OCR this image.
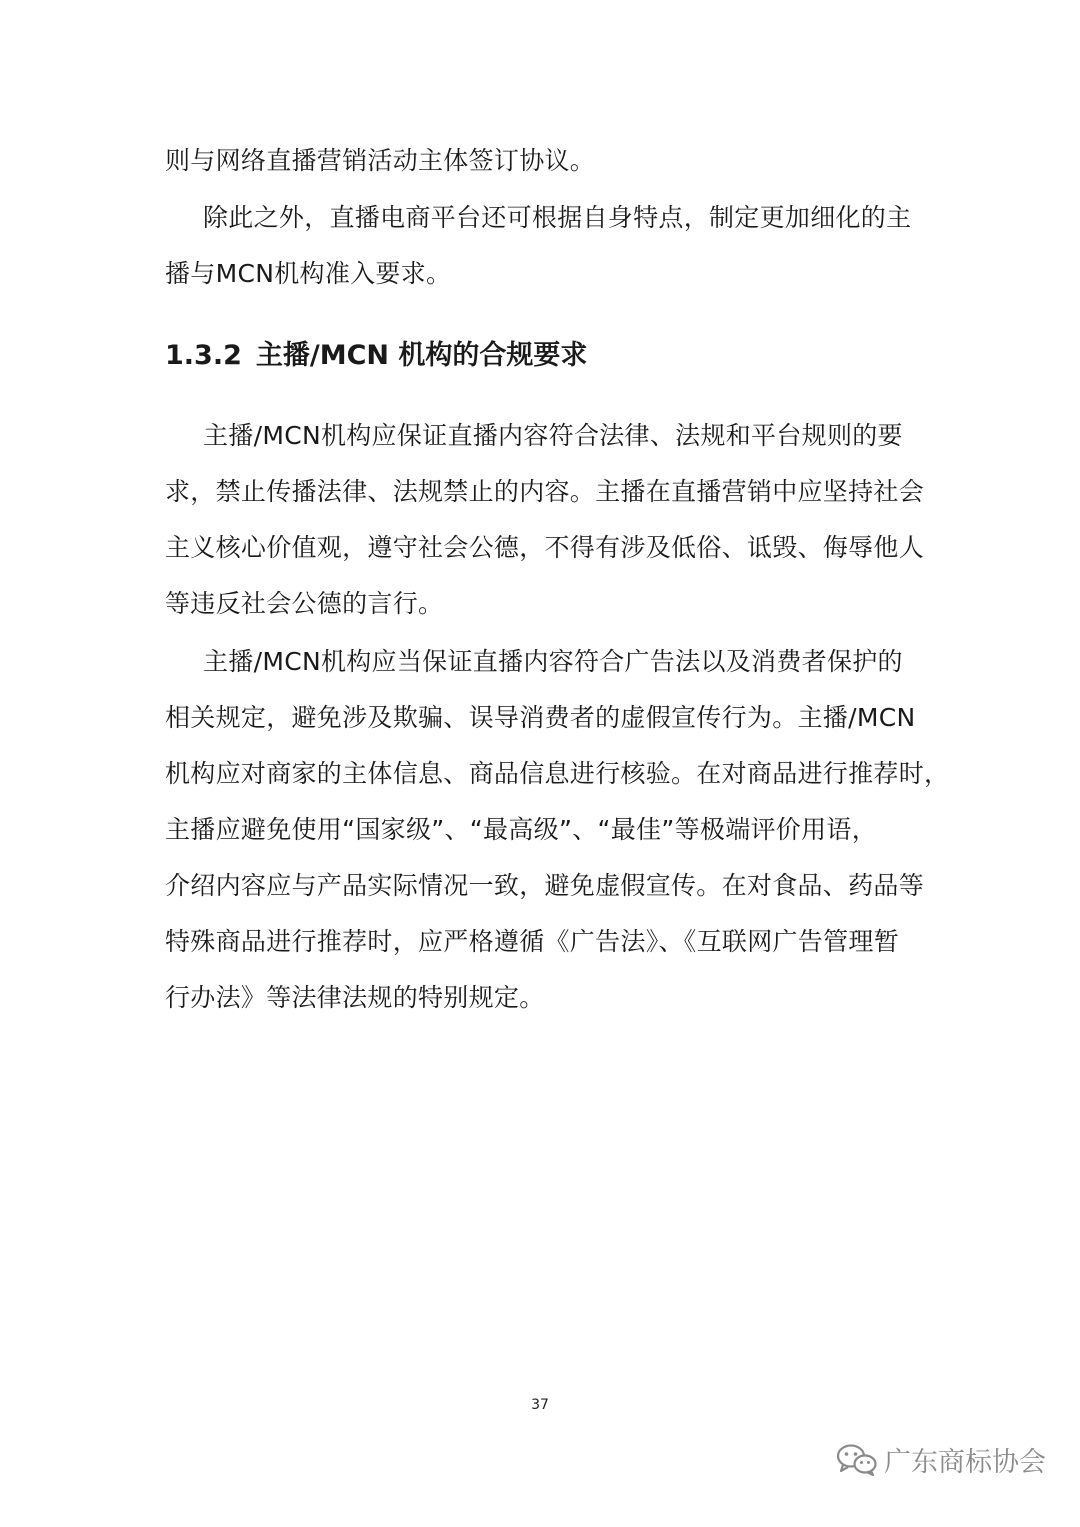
则与网络直播营销活动主体签订协议。
除此之外，直播电商平台还可根据自身特点，制定更加细化的主
播与MCN机构准入要求。
1.3.2 主播/MCN 机构的合规要求
主播/MCN机构应保证直播内容符合法律、法规和平台规则的要
求，禁止传播法律、法规禁止的内容。主播在直播营销中应坚持社会
主义核心价值观，遵守社会公德，不得有涉及低俗、诋毁、侮辱他人
等违反社会公德的言行。
主播/MCN机构应当保证直播内容符合广告法以及消费者保护的
相关规定，避免涉及欺骗、误导消费者的虚假宣传行为。主播/MCN
机构应对商家的主体信息、商品信息进行核验。在对商品进行推荐时，
主播应避免使用“国家级”、“最高级”、“最佳”等极端评价用语，
介绍内容应与产品实际情况一致，避免虚假宣传。在对食品、药品等
特殊商品进行推荐时，应严格遵循《广告法》、《互联网广告管理暂
行办法》等法律法规的特别规定。
37
广东商标协会
